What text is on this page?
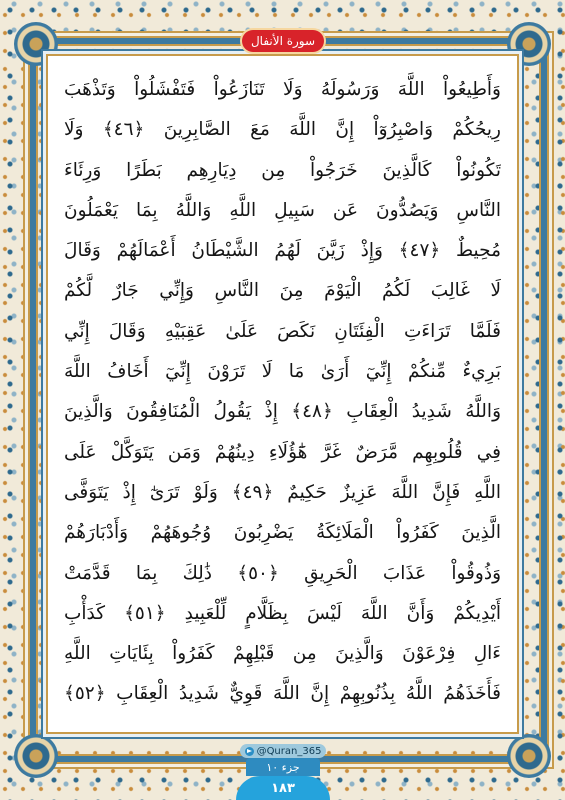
سورة الأنفال
وَأَطِيعُواْ اللَّهَ وَرَسُولَهُ وَلَا تَنَازَعُواْ فَتَفْشَلُواْ وَتَذْهَبَ
رِيحُكُمْ وَاصْبِرُوٓاْ إِنَّ اللَّهَ مَعَ الصَّابِرِينَ ﴿٤٦﴾ وَلَا
تَكُونُواْ كَالَّذِينَ خَرَجُواْ مِن دِيَارِهِم بَطَرًا وَرِئَاءَ
النَّاسِ وَيَصُدُّونَ عَن سَبِيلِ اللَّهِ وَاللَّهُ بِمَا يَعْمَلُونَ
مُحِيطٌ ﴿٤٧﴾ وَإِذْ زَيَّنَ لَهُمُ الشَّيْطَانُ أَعْمَالَهُمْ وَقَالَ
لَا غَالِبَ لَكُمُ الْيَوْمَ مِنَ النَّاسِ وَإِنِّي جَارٌ لَّكُمْ
فَلَمَّا تَرَاءَتِ الْفِئَتَانِ نَكَصَ عَلَىٰ عَقِبَيْهِ وَقَالَ إِنِّي
بَرِيءٌ مِّنكُمْ إِنِّيٓ أَرَىٰ مَا لَا تَرَوْنَ إِنِّيٓ أَخَافُ اللَّهَ
وَاللَّهُ شَدِيدُ الْعِقَابِ ﴿٤٨﴾ إِذْ يَقُولُ الْمُنَافِقُونَ وَالَّذِينَ
فِي قُلُوبِهِم مَّرَضٌ غَرَّ هَٰٓؤُلَاءِ دِينُهُمْ وَمَن يَتَوَكَّلْ عَلَى
اللَّهِ فَإِنَّ اللَّهَ عَزِيزٌ حَكِيمٌ ﴿٤٩﴾ وَلَوْ تَرَىٰٓ إِذْ يَتَوَفَّى
الَّذِينَ كَفَرُواْ الْمَلَائِكَةُ يَضْرِبُونَ وُجُوهَهُمْ وَأَدْبَارَهُمْ
وَذُوقُواْ عَذَابَ الْحَرِيقِ ﴿٥٠﴾ ذَٰلِكَ بِمَا قَدَّمَتْ
أَيْدِيكُمْ وَأَنَّ اللَّهَ لَيْسَ بِظَلَّامٍ لِّلْعَبِيدِ ﴿٥١﴾ كَدَأْبِ
ءَالِ فِرْعَوْنَ وَالَّذِينَ مِن قَبْلِهِمْ كَفَرُواْ بِئَايَاتِ اللَّهِ
فَأَخَذَهُمُ اللَّهُ بِذُنُوبِهِمْ إِنَّ اللَّهَ قَوِيٌّ شَدِيدُ الْعِقَابِ ﴿٥٢﴾
@Quran_365
جزء ۱۰
۱۸۳
